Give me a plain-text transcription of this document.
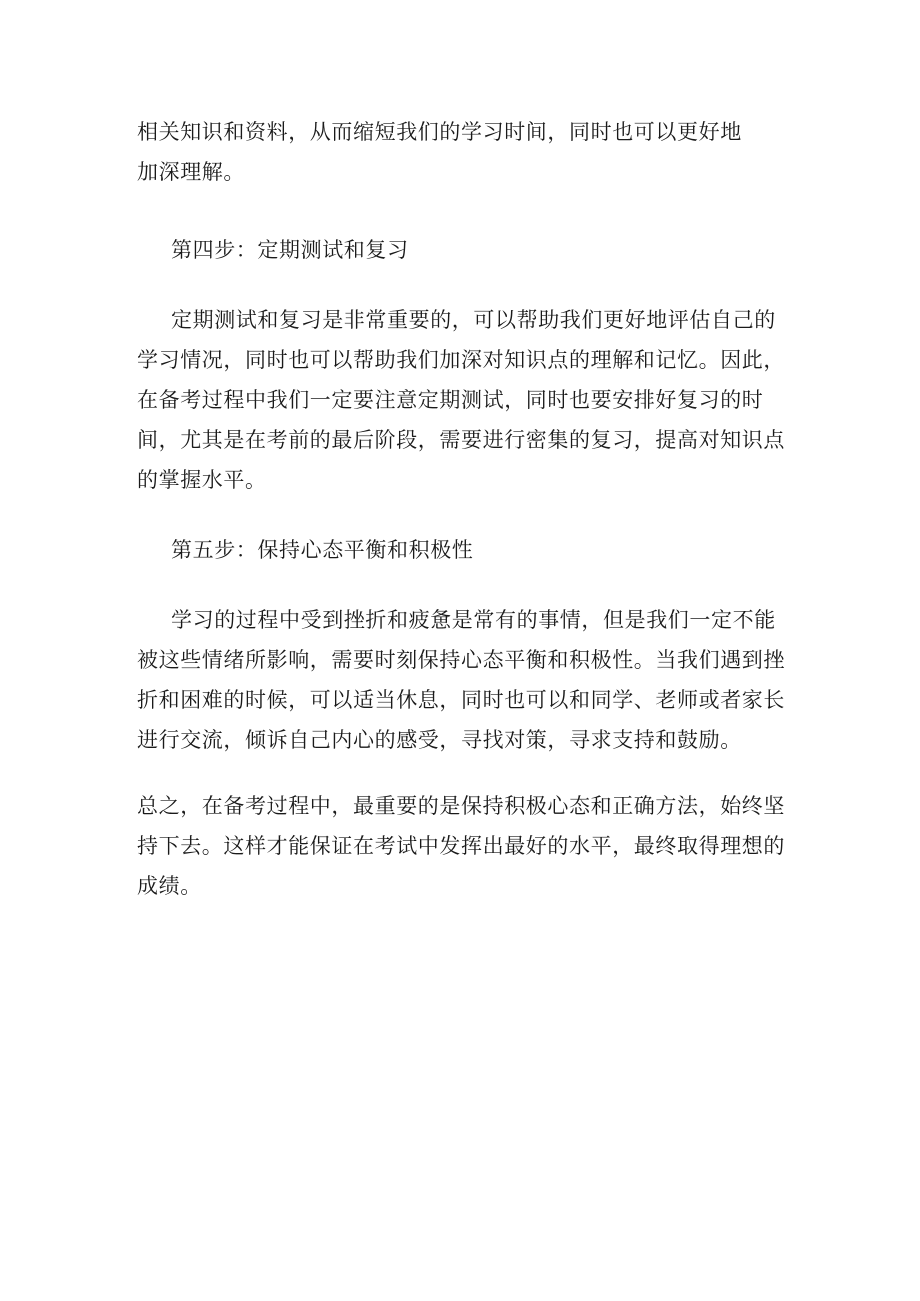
相关知识和资料，从而缩短我们的学习时间，同时也可以更好地加深理解。

第四步：定期测试和复习

定期测试和复习是非常重要的，可以帮助我们更好地评估自己的学习情况，同时也可以帮助我们加深对知识点的理解和记忆。因此，在备考过程中我们一定要注意定期测试，同时也要安排好复习的时间，尤其是在考前的最后阶段，需要进行密集的复习，提高对知识点的掌握水平。

第五步：保持心态平衡和积极性

学习的过程中受到挫折和疲惫是常有的事情，但是我们一定不能被这些情绪所影响，需要时刻保持心态平衡和积极性。当我们遇到挫折和困难的时候，可以适当休息，同时也可以和同学、老师或者家长进行交流，倾诉自己内心的感受，寻找对策，寻求支持和鼓励。

总之，在备考过程中，最重要的是保持积极心态和正确方法，始终坚持下去。这样才能保证在考试中发挥出最好的水平，最终取得理想的成绩。
